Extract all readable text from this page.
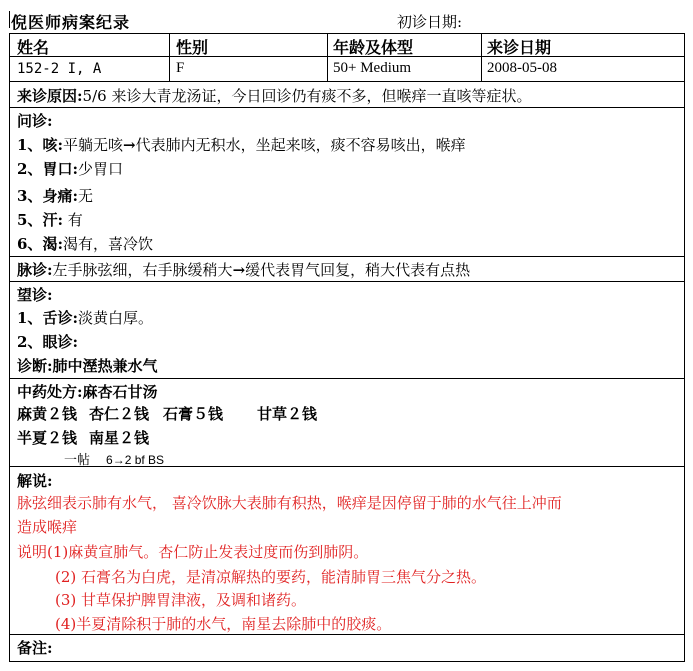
倪医师病案纪录	初诊日期:
姓名	性别	年龄及体型	来诊日期
152-2 I, A	F	50+ Medium	2008-05-08
来诊原因:5/6 来诊大青龙汤证，今日回诊仍有痰不多，但喉痒一直咳等症状。
问诊:
1、咳:平躺无咳→代表肺内无积水，坐起来咳，痰不容易咳出，喉痒
2、胃口:少胃口
3、身痛:无
5、汗: 有
6、渴:渴有，喜冷饮
脉诊:左手脉弦细，右手脉缓稍大→缓代表胃气回复，稍大代表有点热
望诊:
1、舌诊:淡黄白厚。
2、眼诊:
诊断:肺中溼热兼水气
中药处方:麻杏石甘汤
麻黄２钱 杏仁２钱 石膏５钱 甘草２钱
半夏２钱 南星２钱
一帖 6→2 bf BS
解说:
脉弦细表示肺有水气， 喜冷饮脉大表肺有积热，喉痒是因停留于肺的水气往上冲而
造成喉痒
说明(1)麻黄宣肺气。杏仁防止发表过度而伤到肺阴。
(2) 石膏名为白虎，是清凉解热的要药，能清肺胃三焦气分之热。
(3) 甘草保护脾胃津液，及调和诸药。
(4)半夏清除积于肺的水气，南星去除肺中的胶痰。
备注:
